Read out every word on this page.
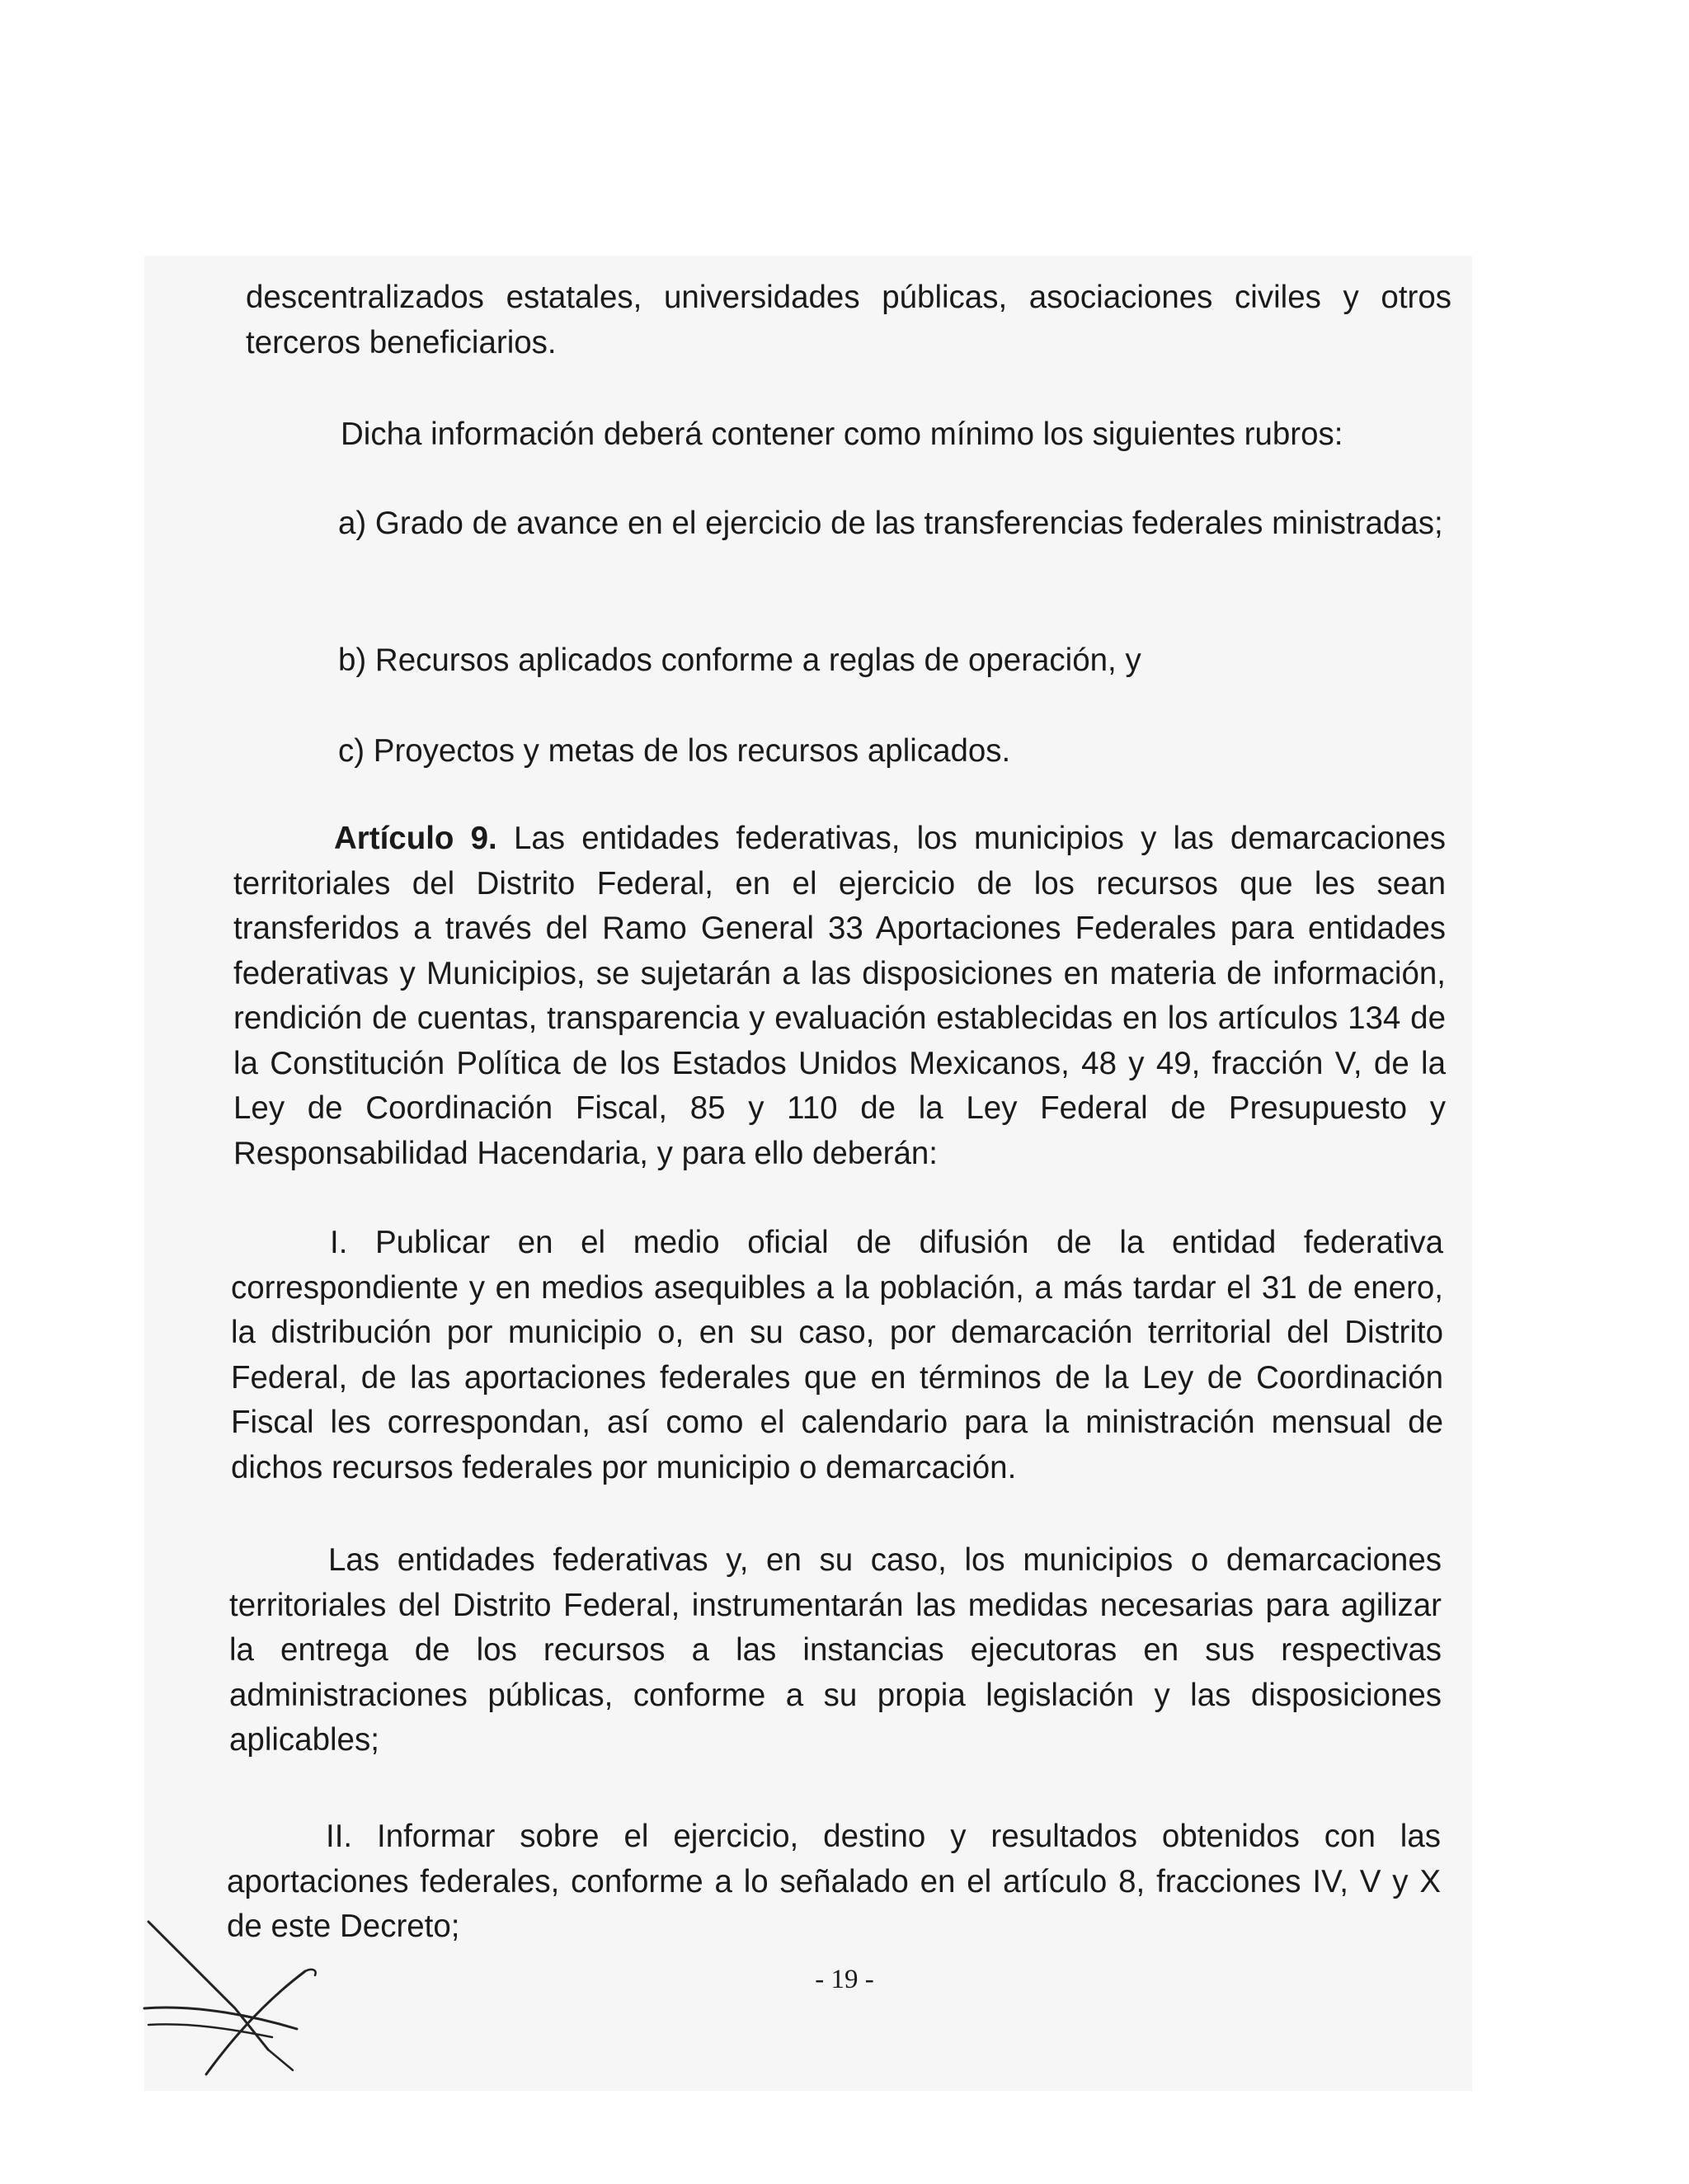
descentralizados estatales, universidades públicas, asociaciones civiles y otros terceros beneficiarios.

Dicha información deberá contener como mínimo los siguientes rubros:

a) Grado de avance en el ejercicio de las transferencias federales ministradas;

b) Recursos aplicados conforme a reglas de operación, y

c) Proyectos y metas de los recursos aplicados.

Artículo 9. Las entidades federativas, los municipios y las demarcaciones territoriales del Distrito Federal, en el ejercicio de los recursos que les sean transferidos a través del Ramo General 33 Aportaciones Federales para entidades federativas y Municipios, se sujetarán a las disposiciones en materia de información, rendición de cuentas, transparencia y evaluación establecidas en los artículos 134 de la Constitución Política de los Estados Unidos Mexicanos, 48 y 49, fracción V, de la Ley de Coordinación Fiscal, 85 y 110 de la Ley Federal de Presupuesto y Responsabilidad Hacendaria, y para ello deberán:

I. Publicar en el medio oficial de difusión de la entidad federativa correspondiente y en medios asequibles a la población, a más tardar el 31 de enero, la distribución por municipio o, en su caso, por demarcación territorial del Distrito Federal, de las aportaciones federales que en términos de la Ley de Coordinación Fiscal les correspondan, así como el calendario para la ministración mensual de dichos recursos federales por municipio o demarcación.

Las entidades federativas y, en su caso, los municipios o demarcaciones territoriales del Distrito Federal, instrumentarán las medidas necesarias para agilizar la entrega de los recursos a las instancias ejecutoras en sus respectivas administraciones públicas, conforme a su propia legislación y las disposiciones aplicables;

II. Informar sobre el ejercicio, destino y resultados obtenidos con las aportaciones federales, conforme a lo señalado en el artículo 8, fracciones IV, V y X de este Decreto;

- 19 -
